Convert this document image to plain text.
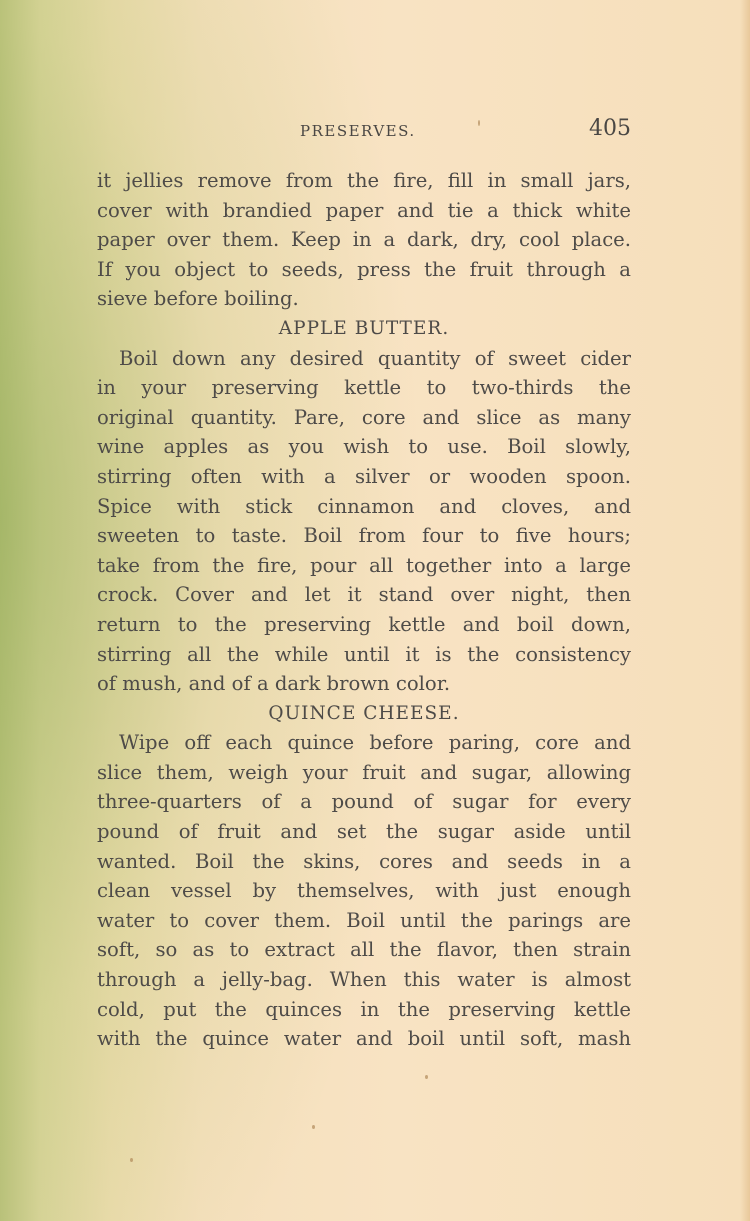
PRESERVES.	405
it jellies remove from the fire, fill in small jars,
cover with brandied paper and tie a thick white
paper over them. Keep in a dark, dry, cool place.
If you object to seeds, press the fruit through a
sieve before boiling.
APPLE BUTTER.
Boil down any desired quantity of sweet cider
in your preserving kettle to two-thirds the
original quantity. Pare, core and slice as many
wine apples as you wish to use. Boil slowly,
stirring often with a silver or wooden spoon.
Spice with stick cinnamon and cloves, and
sweeten to taste. Boil from four to five hours;
take from the fire, pour all together into a large
crock. Cover and let it stand over night, then
return to the preserving kettle and boil down,
stirring all the while until it is the consistency
of mush, and of a dark brown color.
QUINCE CHEESE.
Wipe off each quince before paring, core and
slice them, weigh your fruit and sugar, allowing
three-quarters of a pound of sugar for every
pound of fruit and set the sugar aside until
wanted. Boil the skins, cores and seeds in a
clean vessel by themselves, with just enough
water to cover them. Boil until the parings are
soft, so as to extract all the flavor, then strain
through a jelly-bag. When this water is almost
cold, put the quinces in the preserving kettle
with the quince water and boil until soft, mash
